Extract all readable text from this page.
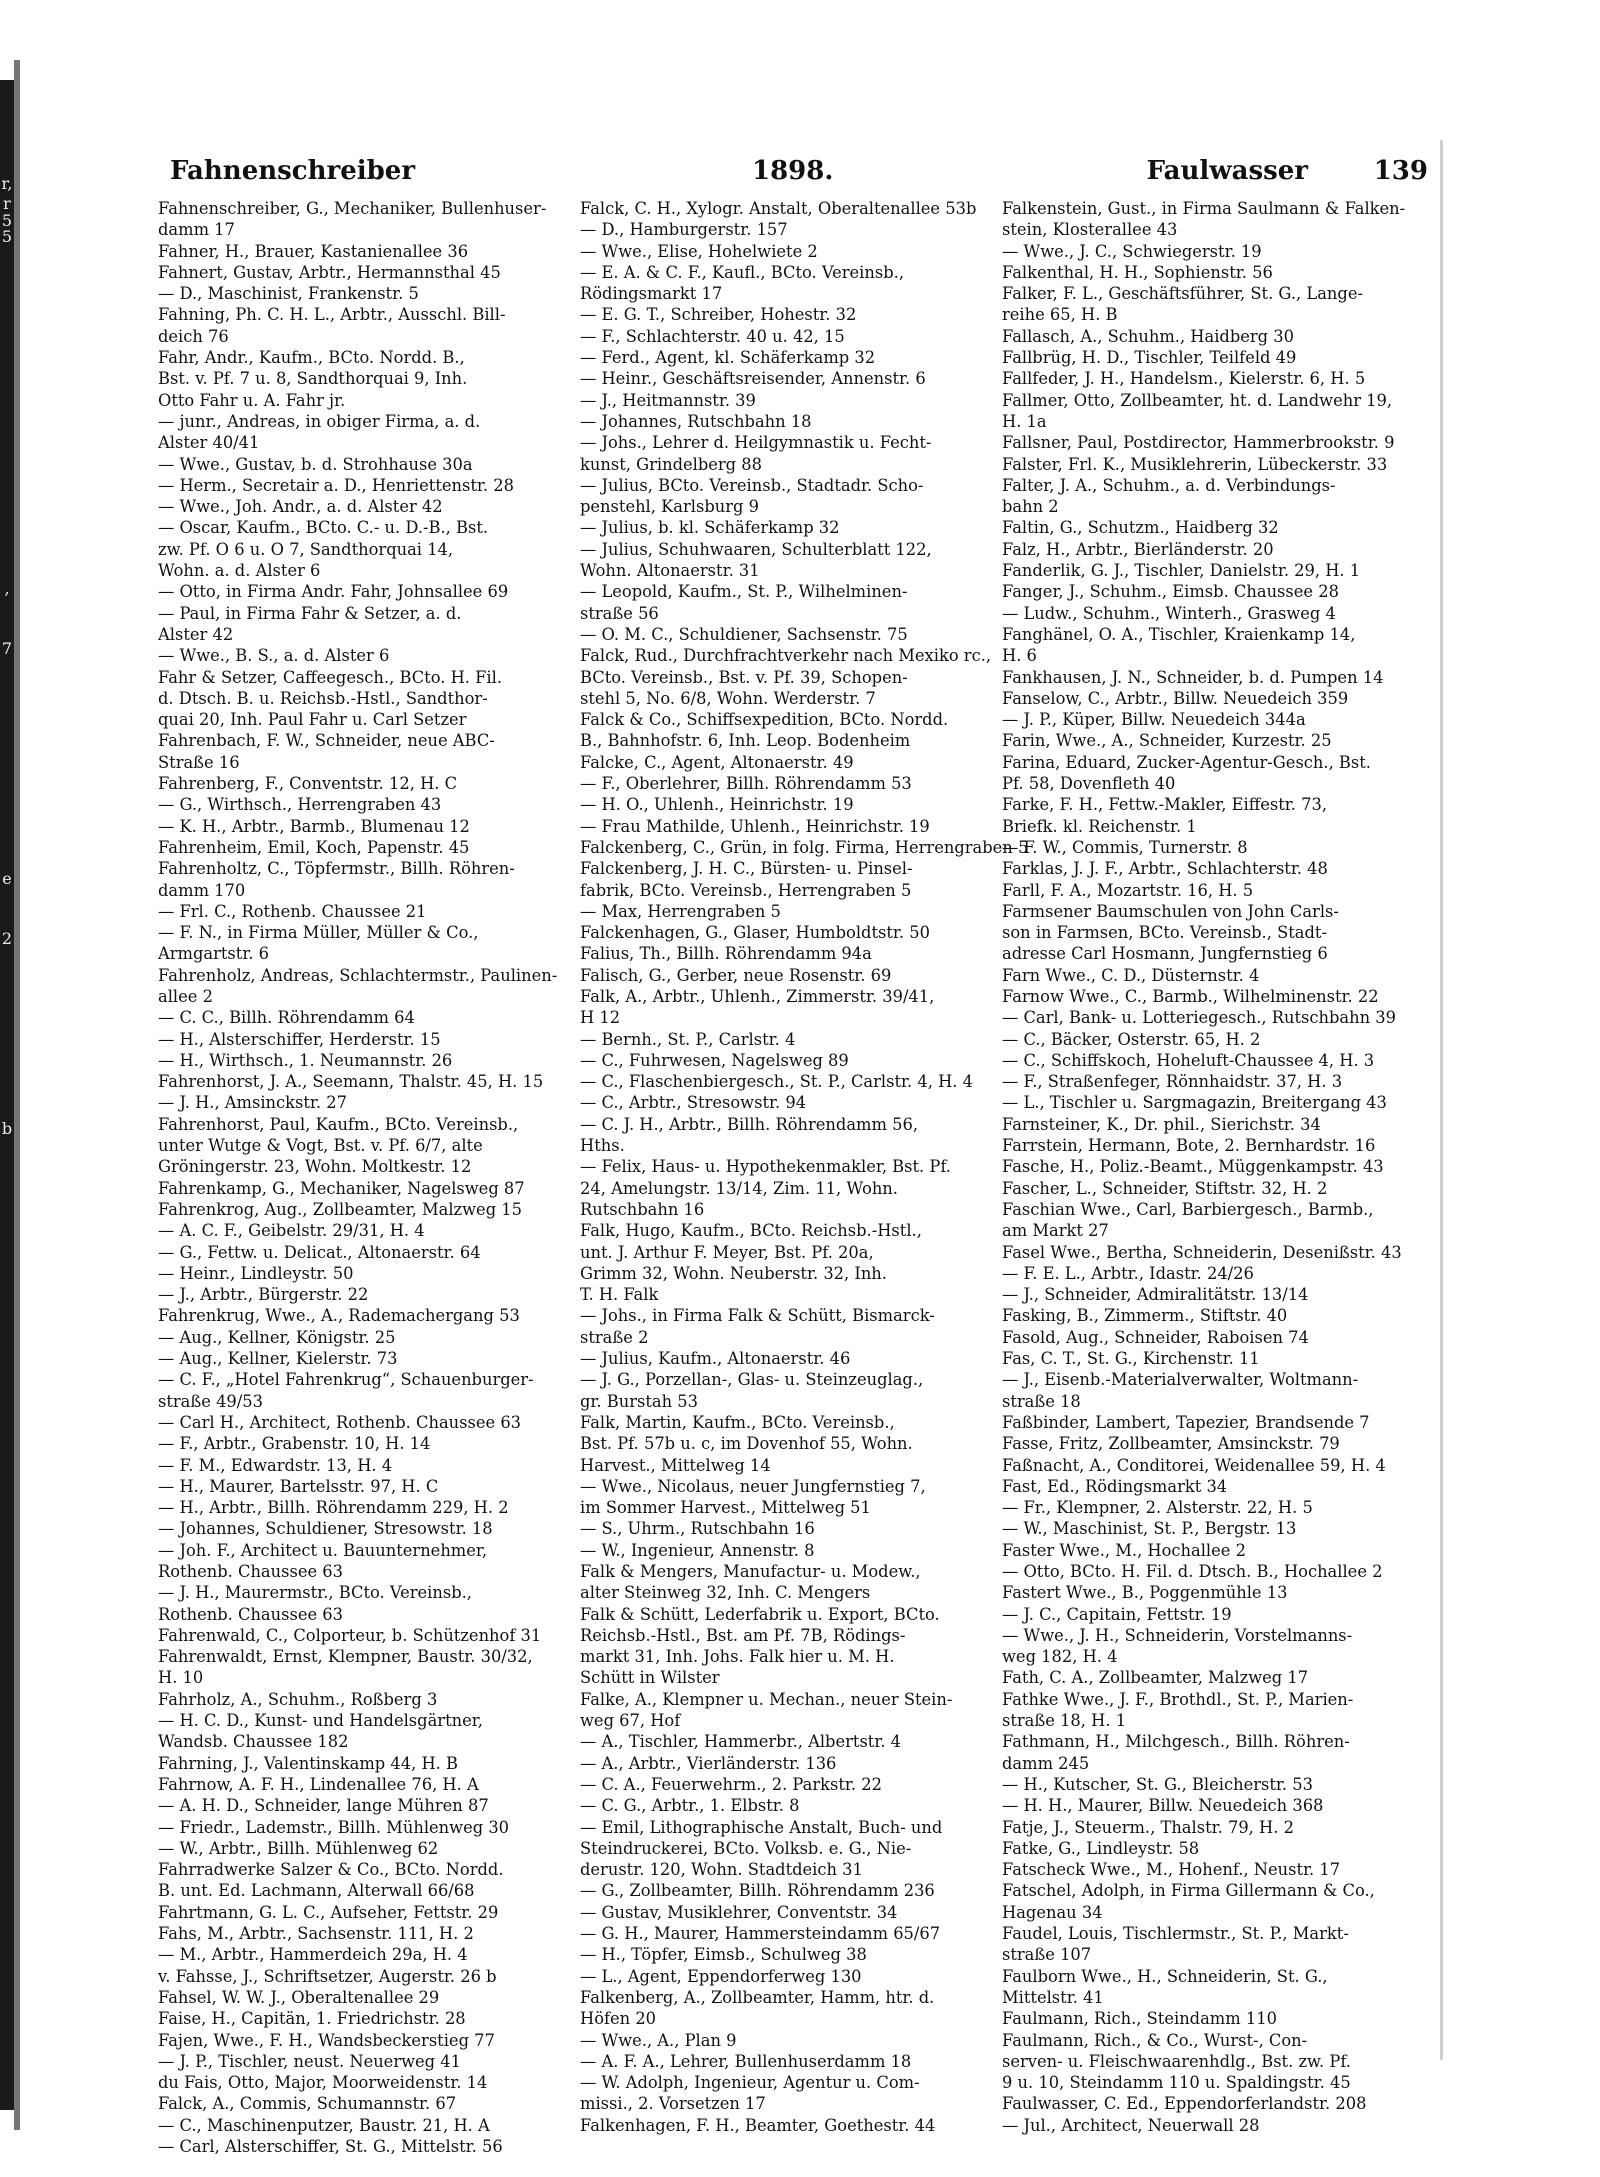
r,
r
5
5
,
7
e
2
b
Fahnenschreiber	1898.	Faulwasser	139
Fahnenschreiber, G., Mechaniker, Bullenhuser-
damm 17
Fahner, H., Brauer, Kastanienallee 36
Fahnert, Gustav, Arbtr., Hermannsthal 45
— D., Maschinist, Frankenstr. 5
Fahning, Ph. C. H. L., Arbtr., Ausschl. Bill-
deich 76
Fahr, Andr., Kaufm., BCto. Nordd. B.,
Bst. v. Pf. 7 u. 8, Sandthorquai 9, Inh.
Otto Fahr u. A. Fahr jr.
— junr., Andreas, in obiger Firma, a. d.
Alster 40/41
— Wwe., Gustav, b. d. Strohhause 30a
— Herm., Secretair a. D., Henriettenstr. 28
— Wwe., Joh. Andr., a. d. Alster 42
— Oscar, Kaufm., BCto. C.- u. D.-B., Bst.
zw. Pf. O 6 u. O 7, Sandthorquai 14,
Wohn. a. d. Alster 6
— Otto, in Firma Andr. Fahr, Johnsallee 69
— Paul, in Firma Fahr & Setzer, a. d.
Alster 42
— Wwe., B. S., a. d. Alster 6
Fahr & Setzer, Caffeegesch., BCto. H. Fil.
d. Dtsch. B. u. Reichsb.-Hstl., Sandthor-
quai 20, Inh. Paul Fahr u. Carl Setzer
Fahrenbach, F. W., Schneider, neue ABC-
Straße 16
Fahrenberg, F., Conventstr. 12, H. C
— G., Wirthsch., Herrengraben 43
— K. H., Arbtr., Barmb., Blumenau 12
Fahrenheim, Emil, Koch, Papenstr. 45
Fahrenholtz, C., Töpfermstr., Billh. Röhren-
damm 170
— Frl. C., Rothenb. Chaussee 21
— F. N., in Firma Müller, Müller & Co.,
Armgartstr. 6
Fahrenholz, Andreas, Schlachtermstr., Paulinen-
allee 2
— C. C., Billh. Röhrendamm 64
— H., Alsterschiffer, Herderstr. 15
— H., Wirthsch., 1. Neumannstr. 26
Fahrenhorst, J. A., Seemann, Thalstr. 45, H. 15
— J. H., Amsinckstr. 27
Fahrenhorst, Paul, Kaufm., BCto. Vereinsb.,
unter Wutge & Vogt, Bst. v. Pf. 6/7, alte
Gröningerstr. 23, Wohn. Moltkestr. 12
Fahrenkamp, G., Mechaniker, Nagelsweg 87
Fahrenkrog, Aug., Zollbeamter, Malzweg 15
— A. C. F., Geibelstr. 29/31, H. 4
— G., Fettw. u. Delicat., Altonaerstr. 64
— Heinr., Lindleystr. 50
— J., Arbtr., Bürgerstr. 22
Fahrenkrug, Wwe., A., Rademachergang 53
— Aug., Kellner, Königstr. 25
— Aug., Kellner, Kielerstr. 73
— C. F., „Hotel Fahrenkrug“, Schauenburger-
straße 49/53
— Carl H., Architect, Rothenb. Chaussee 63
— F., Arbtr., Grabenstr. 10, H. 14
— F. M., Edwardstr. 13, H. 4
— H., Maurer, Bartelsstr. 97, H. C
— H., Arbtr., Billh. Röhrendamm 229, H. 2
— Johannes, Schuldiener, Stresowstr. 18
— Joh. F., Architect u. Bauunternehmer,
Rothenb. Chaussee 63
— J. H., Maurermstr., BCto. Vereinsb.,
Rothenb. Chaussee 63
Fahrenwald, C., Colporteur, b. Schützenhof 31
Fahrenwaldt, Ernst, Klempner, Baustr. 30/32,
H. 10
Fahrholz, A., Schuhm., Roßberg 3
— H. C. D., Kunst- und Handelsgärtner,
Wandsb. Chaussee 182
Fahrning, J., Valentinskamp 44, H. B
Fahrnow, A. F. H., Lindenallee 76, H. A
— A. H. D., Schneider, lange Mühren 87
— Friedr., Lademstr., Billh. Mühlenweg 30
— W., Arbtr., Billh. Mühlenweg 62
Fahrradwerke Salzer & Co., BCto. Nordd.
B. unt. Ed. Lachmann, Alterwall 66/68
Fahrtmann, G. L. C., Aufseher, Fettstr. 29
Fahs, M., Arbtr., Sachsenstr. 111, H. 2
— M., Arbtr., Hammerdeich 29a, H. 4
v. Fahsse, J., Schriftsetzer, Augerstr. 26 b
Fahsel, W. W. J., Oberaltenallee 29
Faise, H., Capitän, 1. Friedrichstr. 28
Fajen, Wwe., F. H., Wandsbeckerstieg 77
— J. P., Tischler, neust. Neuerweg 41
du Fais, Otto, Major, Moorweidenstr. 14
Falck, A., Commis, Schumannstr. 67
— C., Maschinenputzer, Baustr. 21, H. A
— Carl, Alsterschiffer, St. G., Mittelstr. 56
Falck, C. H., Xylogr. Anstalt, Oberaltenallee 53b
— D., Hamburgerstr. 157
— Wwe., Elise, Hohelwiete 2
— E. A. & C. F., Kaufl., BCto. Vereinsb.,
Rödingsmarkt 17
— E. G. T., Schreiber, Hohestr. 32
— F., Schlachterstr. 40 u. 42, 15
— Ferd., Agent, kl. Schäferkamp 32
— Heinr., Geschäftsreisender, Annenstr. 6
— J., Heitmannstr. 39
— Johannes, Rutschbahn 18
— Johs., Lehrer d. Heilgymnastik u. Fecht-
kunst, Grindelberg 88
— Julius, BCto. Vereinsb., Stadtadr. Scho-
penstehl, Karlsburg 9
— Julius, b. kl. Schäferkamp 32
— Julius, Schuhwaaren, Schulterblatt 122,
Wohn. Altonaerstr. 31
— Leopold, Kaufm., St. P., Wilhelminen-
straße 56
— O. M. C., Schuldiener, Sachsenstr. 75
Falck, Rud., Durchfrachtverkehr nach Mexiko rc.,
BCto. Vereinsb., Bst. v. Pf. 39, Schopen-
stehl 5, No. 6/8, Wohn. Werderstr. 7
Falck & Co., Schiffsexpedition, BCto. Nordd.
B., Bahnhofstr. 6, Inh. Leop. Bodenheim
Falcke, C., Agent, Altonaerstr. 49
— F., Oberlehrer, Billh. Röhrendamm 53
— H. O., Uhlenh., Heinrichstr. 19
— Frau Mathilde, Uhlenh., Heinrichstr. 19
Falckenberg, C., Grün, in folg. Firma, Herrengraben 5
Falckenberg, J. H. C., Bürsten- u. Pinsel-
fabrik, BCto. Vereinsb., Herrengraben 5
— Max, Herrengraben 5
Falckenhagen, G., Glaser, Humboldtstr. 50
Falius, Th., Billh. Röhrendamm 94a
Falisch, G., Gerber, neue Rosenstr. 69
Falk, A., Arbtr., Uhlenh., Zimmerstr. 39/41,
H 12
— Bernh., St. P., Carlstr. 4
— C., Fuhrwesen, Nagelsweg 89
— C., Flaschenbiergesch., St. P., Carlstr. 4, H. 4
— C., Arbtr., Stresowstr. 94
— C. J. H., Arbtr., Billh. Röhrendamm 56,
Hths.
— Felix, Haus- u. Hypothekenmakler, Bst. Pf.
24, Amelungstr. 13/14, Zim. 11, Wohn.
Rutschbahn 16
Falk, Hugo, Kaufm., BCto. Reichsb.-Hstl.,
unt. J. Arthur F. Meyer, Bst. Pf. 20a,
Grimm 32, Wohn. Neuberstr. 32, Inh.
T. H. Falk
— Johs., in Firma Falk & Schütt, Bismarck-
straße 2
— Julius, Kaufm., Altonaerstr. 46
— J. G., Porzellan-, Glas- u. Steinzeuglag.,
gr. Burstah 53
Falk, Martin, Kaufm., BCto. Vereinsb.,
Bst. Pf. 57b u. c, im Dovenhof 55, Wohn.
Harvest., Mittelweg 14
— Wwe., Nicolaus, neuer Jungfernstieg 7,
im Sommer Harvest., Mittelweg 51
— S., Uhrm., Rutschbahn 16
— W., Ingenieur, Annenstr. 8
Falk & Mengers, Manufactur- u. Modew.,
alter Steinweg 32, Inh. C. Mengers
Falk & Schütt, Lederfabrik u. Export, BCto.
Reichsb.-Hstl., Bst. am Pf. 7B, Rödings-
markt 31, Inh. Johs. Falk hier u. M. H.
Schütt in Wilster
Falke, A., Klempner u. Mechan., neuer Stein-
weg 67, Hof
— A., Tischler, Hammerbr., Albertstr. 4
— A., Arbtr., Vierländerstr. 136
— C. A., Feuerwehrm., 2. Parkstr. 22
— C. G., Arbtr., 1. Elbstr. 8
— Emil, Lithographische Anstalt, Buch- und
Steindruckerei, BCto. Volksb. e. G., Nie-
derustr. 120, Wohn. Stadtdeich 31
— G., Zollbeamter, Billh. Röhrendamm 236
— Gustav, Musiklehrer, Conventstr. 34
— G. H., Maurer, Hammersteindamm 65/67
— H., Töpfer, Eimsb., Schulweg 38
— L., Agent, Eppendorferweg 130
Falkenberg, A., Zollbeamter, Hamm, htr. d.
Höfen 20
— Wwe., A., Plan 9
— A. F. A., Lehrer, Bullenhuserdamm 18
— W. Adolph, Ingenieur, Agentur u. Com-
missi., 2. Vorsetzen 17
Falkenhagen, F. H., Beamter, Goethestr. 44
Falkenstein, Gust., in Firma Saulmann & Falken-
stein, Klosterallee 43
— Wwe., J. C., Schwiegerstr. 19
Falkenthal, H. H., Sophienstr. 56
Falker, F. L., Geschäftsführer, St. G., Lange-
reihe 65, H. B
Fallasch, A., Schuhm., Haidberg 30
Fallbrüg, H. D., Tischler, Teilfeld 49
Fallfeder, J. H., Handelsm., Kielerstr. 6, H. 5
Fallmer, Otto, Zollbeamter, ht. d. Landwehr 19,
H. 1a
Fallsner, Paul, Postdirector, Hammerbrookstr. 9
Falster, Frl. K., Musiklehrerin, Lübeckerstr. 33
Falter, J. A., Schuhm., a. d. Verbindungs-
bahn 2
Faltin, G., Schutzm., Haidberg 32
Falz, H., Arbtr., Bierländerstr. 20
Fanderlik, G. J., Tischler, Danielstr. 29, H. 1
Fanger, J., Schuhm., Eimsb. Chaussee 28
— Ludw., Schuhm., Winterh., Grasweg 4
Fanghänel, O. A., Tischler, Kraienkamp 14,
H. 6
Fankhausen, J. N., Schneider, b. d. Pumpen 14
Fanselow, C., Arbtr., Billw. Neuedeich 359
— J. P., Küper, Billw. Neuedeich 344a
Farin, Wwe., A., Schneider, Kurzestr. 25
Farina, Eduard, Zucker-Agentur-Gesch., Bst.
Pf. 58, Dovenfleth 40
Farke, F. H., Fettw.-Makler, Eiffestr. 73,
Briefk. kl. Reichenstr. 1
— F. W., Commis, Turnerstr. 8
Farklas, J. J. F., Arbtr., Schlachterstr. 48
Farll, F. A., Mozartstr. 16, H. 5
Farmsener Baumschulen von John Carls-
son in Farmsen, BCto. Vereinsb., Stadt-
adresse Carl Hosmann, Jungfernstieg 6
Farn Wwe., C. D., Düsternstr. 4
Farnow Wwe., C., Barmb., Wilhelminenstr. 22
— Carl, Bank- u. Lotteriegesch., Rutschbahn 39
— C., Bäcker, Osterstr. 65, H. 2
— C., Schiffskoch, Hoheluft-Chaussee 4, H. 3
— F., Straßenfeger, Rönnhaidstr. 37, H. 3
— L., Tischler u. Sargmagazin, Breitergang 43
Farnsteiner, K., Dr. phil., Sierichstr. 34
Farrstein, Hermann, Bote, 2. Bernhardstr. 16
Fasche, H., Poliz.-Beamt., Müggenkampstr. 43
Fascher, L., Schneider, Stiftstr. 32, H. 2
Faschian Wwe., Carl, Barbiergesch., Barmb.,
am Markt 27
Fasel Wwe., Bertha, Schneiderin, Desenißstr. 43
— F. E. L., Arbtr., Idastr. 24/26
— J., Schneider, Admiralitätstr. 13/14
Fasking, B., Zimmerm., Stiftstr. 40
Fasold, Aug., Schneider, Raboisen 74
Fas, C. T., St. G., Kirchenstr. 11
— J., Eisenb.-Materialverwalter, Woltmann-
straße 18
Faßbinder, Lambert, Tapezier, Brandsende 7
Fasse, Fritz, Zollbeamter, Amsinckstr. 79
Faßnacht, A., Conditorei, Weidenallee 59, H. 4
Fast, Ed., Rödingsmarkt 34
— Fr., Klempner, 2. Alsterstr. 22, H. 5
— W., Maschinist, St. P., Bergstr. 13
Faster Wwe., M., Hochallee 2
— Otto, BCto. H. Fil. d. Dtsch. B., Hochallee 2
Fastert Wwe., B., Poggenmühle 13
— J. C., Capitain, Fettstr. 19
— Wwe., J. H., Schneiderin, Vorstelmanns-
weg 182, H. 4
Fath, C. A., Zollbeamter, Malzweg 17
Fathke Wwe., J. F., Brothdl., St. P., Marien-
straße 18, H. 1
Fathmann, H., Milchgesch., Billh. Röhren-
damm 245
— H., Kutscher, St. G., Bleicherstr. 53
— H. H., Maurer, Billw. Neuedeich 368
Fatje, J., Steuerm., Thalstr. 79, H. 2
Fatke, G., Lindleystr. 58
Fatscheck Wwe., M., Hohenf., Neustr. 17
Fatschel, Adolph, in Firma Gillermann & Co.,
Hagenau 34
Faudel, Louis, Tischlermstr., St. P., Markt-
straße 107
Faulborn Wwe., H., Schneiderin, St. G.,
Mittelstr. 41
Faulmann, Rich., Steindamm 110
Faulmann, Rich., & Co., Wurst-, Con-
serven- u. Fleischwaarenhdlg., Bst. zw. Pf.
9 u. 10, Steindamm 110 u. Spaldingstr. 45
Faulwasser, C. Ed., Eppendorferlandstr. 208
— Jul., Architect, Neuerwall 28
